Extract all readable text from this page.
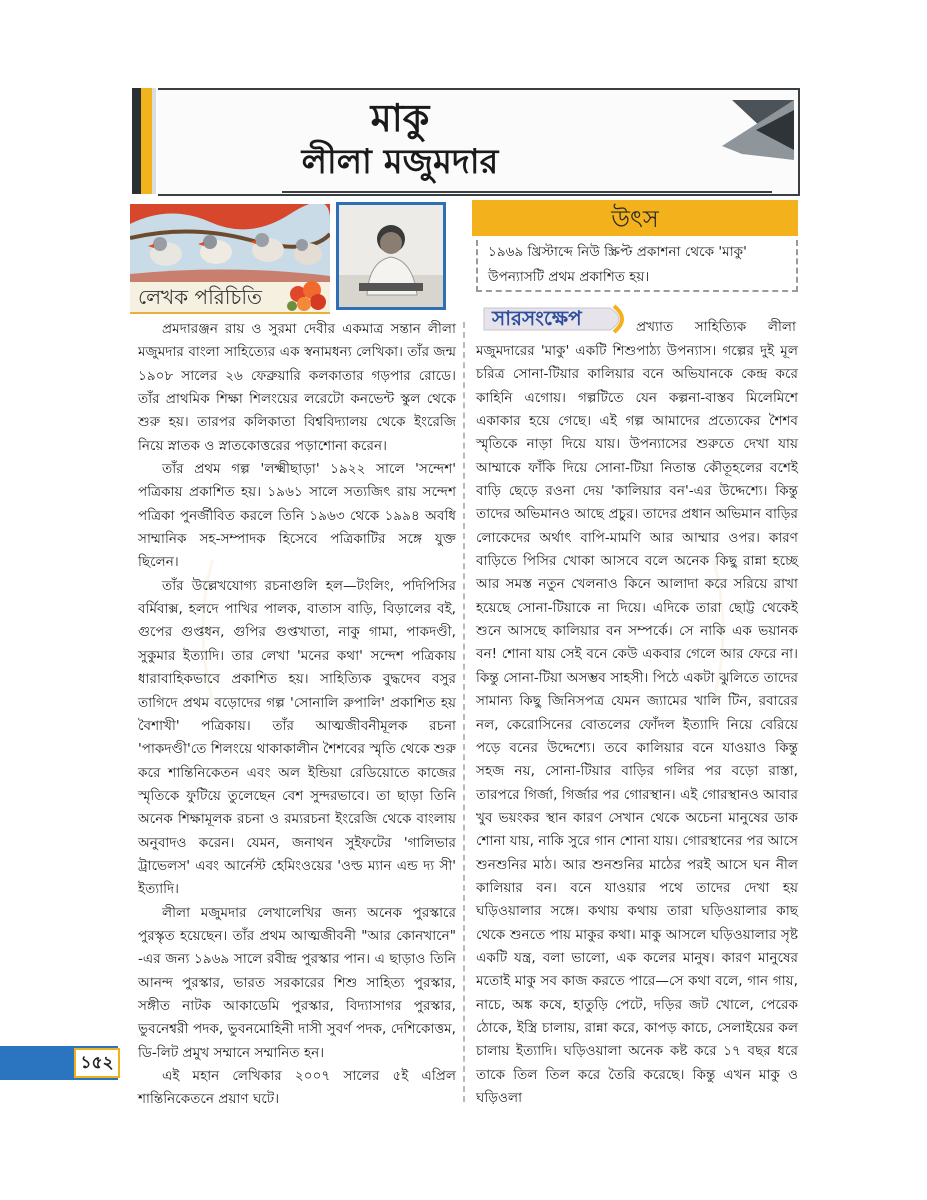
মাকু
লীলা মজুমদার
লেখক পরিচিতি
উৎস
১৯৬৯ খ্রিস্টাব্দে নিউ স্ক্রিপ্ট প্রকাশনা থেকে 'মাকু' উপন্যাসটি প্রথম প্রকাশিত হয়।
সারসংক্ষেপ

প্রমদারঞ্জন রায় ও সুরমা দেবীর একমাত্র সন্তান লীলা মজুমদার বাংলা সাহিত্যের এক স্বনামধন্য লেখিকা। তাঁর জন্ম ১৯০৮ সালের ২৬ ফেব্রুয়ারি কলকাতার গড়পার রোডে। তাঁর প্রাথমিক শিক্ষা শিলংয়ের লরেটো কনভেন্ট স্কুল থেকে শুরু হয়। তারপর কলিকাতা বিশ্ববিদ্যালয় থেকে ইংরেজি নিয়ে স্নাতক ও স্নাতকোত্তরের পড়াশোনা করেন।

তাঁর প্রথম গল্প 'লক্ষ্মীছাড়া' ১৯২২ সালে 'সন্দেশ' পত্রিকায় প্রকাশিত হয়। ১৯৬১ সালে সত্যজিৎ রায় সন্দেশ পত্রিকা পুনর্জীবিত করলে তিনি ১৯৬৩ থেকে ১৯৯৪ অবধি সাম্মানিক সহ-সম্পাদক হিসেবে পত্রিকাটির সঙ্গে যুক্ত ছিলেন।

তাঁর উল্লেখযোগ্য রচনাগুলি হল—টংলিং, পদিপিসির বর্মিবাক্স, হলদে পাখির পালক, বাতাস বাড়ি, বিড়ালের বই, গুপের গুপ্তধন, গুপির গুপ্তখাতা, নাকু গামা, পাকদণ্ডী, সুকুমার ইত্যাদি। তার লেখা 'মনের কথা' সন্দেশ পত্রিকায় ধারাবাহিকভাবে প্রকাশিত হয়। সাহিত্যিক বুদ্ধদেব বসুর তাগিদে প্রথম বড়োদের গল্প 'সোনালি রুপালি' প্রকাশিত হয় বৈশাখী' পত্রিকায়। তাঁর আত্মজীবনীমূলক রচনা 'পাকদণ্ডী'তে শিলংয়ে থাকাকালীন শৈশবের স্মৃতি থেকে শুরু করে শান্তিনিকেতন এবং অল ইন্ডিয়া রেডিয়োতে কাজের স্মৃতিকে ফুটিয়ে তুলেছেন বেশ সুন্দরভাবে। তা ছাড়া তিনি অনেক শিক্ষামূলক রচনা ও রম্যরচনা ইংরেজি থেকে বাংলায় অনুবাদও করেন। যেমন, জনাথন সুইফটের 'গালিভার ট্রাভেলস' এবং আর্নেস্ট হেমিংওয়ের 'ওল্ড ম্যান এন্ড দ্য সী' ইত্যাদি।

লীলা মজুমদার লেখালেখির জন্য অনেক পুরস্কারে পুরস্কৃত হয়েছেন। তাঁর প্রথম আত্মজীবনী "আর কোনখানে" -এর জন্য ১৯৬৯ সালে রবীন্দ্র পুরস্কার পান। এ ছাড়াও তিনি আনন্দ পুরস্কার, ভারত সরকারের শিশু সাহিত্য পুরস্কার, সঙ্গীত নাটক আকাডেমি পুরস্কার, বিদ্যাসাগর পুরস্কার, ভুবনেশ্বরী পদক, ভুবনমোহিনী দাসী সুবর্ণ পদক, দেশিকোত্তম, ডি-লিট প্রমুখ সম্মানে সম্মানিত হন।

এই মহান লেখিকার ২০০৭ সালের ৫ই এপ্রিল শান্তিনিকেতনে প্রয়াণ ঘটে।

প্রখ্যাত সাহিত্যিক লীলা
মজুমদারের 'মাকু' একটি শিশুপাঠ্য উপন্যাস। গল্পের দুই মূল চরিত্র সোনা-টিয়ার কালিয়ার বনে অভিযানকে কেন্দ্র করে কাহিনি এগোয়। গল্পটিতে যেন কল্পনা-বাস্তব মিলেমিশে একাকার হয়ে গেছে। এই গল্প আমাদের প্রত্যেকের শৈশব স্মৃতিকে নাড়া দিয়ে যায়। উপন্যাসের শুরুতে দেখা যায় আম্মাকে ফাঁকি দিয়ে সোনা-টিয়া নিতান্ত কৌতূহলের বশেই বাড়ি ছেড়ে রওনা দেয় 'কালিয়ার বন'-এর উদ্দেশ্যে। কিন্তু তাদের অভিমানও আছে প্রচুর। তাদের প্রধান অভিমান বাড়ির লোকেদের অর্থাৎ বাপি-মামণি আর আম্মার ওপর। কারণ বাড়িতে পিসির খোকা আসবে বলে অনেক কিছু রান্না হচ্ছে আর সমস্ত নতুন খেলনাও কিনে আলাদা করে সরিয়ে রাখা হয়েছে সোনা-টিয়াকে না দিয়ে। এদিকে তারা ছোট্ট থেকেই শুনে আসছে কালিয়ার বন সম্পর্কে। সে নাকি এক ভয়ানক বন! শোনা যায় সেই বনে কেউ একবার গেলে আর ফেরে না। কিন্তু সোনা-টিয়া অসম্ভব সাহসী। পিঠে একটা ঝুলিতে তাদের সামান্য কিছু জিনিসপত্র যেমন জ্যামের খালি টিন, রবারের নল, কেরোসিনের বোতলের ফোঁদল ইত্যাদি নিয়ে বেরিয়ে পড়ে বনের উদ্দেশ্যে। তবে কালিয়ার বনে যাওয়াও কিন্তু সহজ নয়, সোনা-টিয়ার বাড়ির গলির পর বড়ো রাস্তা, তারপরে গির্জা, গির্জার পর গোরস্থান। এই গোরস্থানও আবার খুব ভয়ংকর স্থান কারণ সেখান থেকে অচেনা মানুষের ডাক শোনা যায়, নাকি সুরে গান শোনা যায়। গোরস্থানের পর আসে শুনশুনির মাঠ। আর শুনশুনির মাঠের পরই আসে ঘন নীল কালিয়ার বন। বনে যাওয়ার পথে তাদের দেখা হয় ঘড়িওয়ালার সঙ্গে। কথায় কথায় তারা ঘড়িওয়ালার কাছ থেকে শুনতে পায় মাকুর কথা। মাকু আসলে ঘড়িওয়ালার সৃষ্ট একটি যন্ত্র, বলা ভালো, এক কলের মানুষ। কারণ মানুষের মতোই মাকু সব কাজ করতে পারে—সে কথা বলে, গান গায়, নাচে, অঙ্ক কষে, হাতুড়ি পেটে, দড়ির জট খোলে, পেরেক ঠোকে, ইস্ত্রি চালায়, রান্না করে, কাপড় কাচে, সেলাইয়ের কল চালায় ইত্যাদি। ঘড়িওয়ালা অনেক কষ্ট করে ১৭ বছর ধরে তাকে তিল তিল করে তৈরি করেছে। কিন্তু এখন মাকু ও ঘড়িওলা
১৫২
